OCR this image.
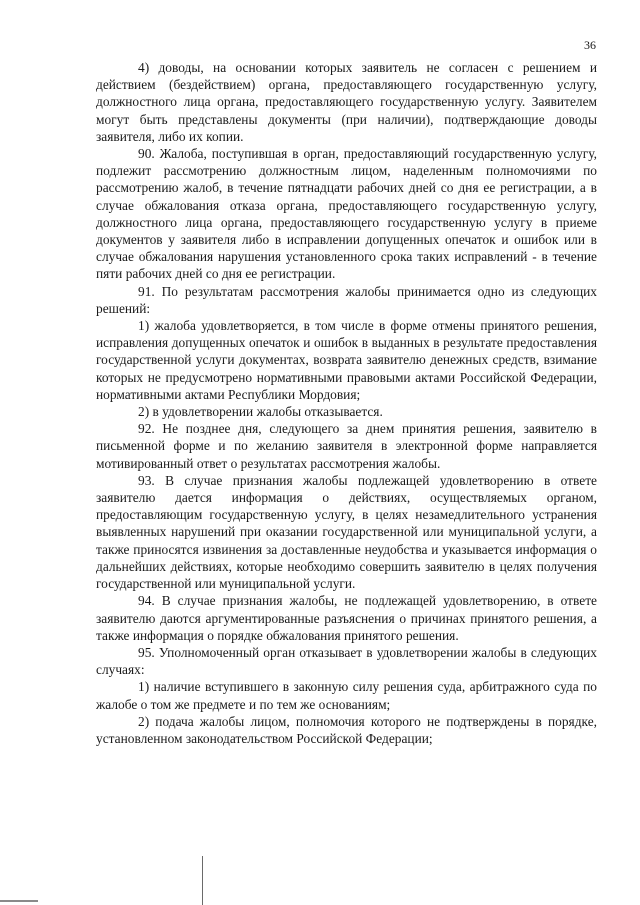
36

4) доводы, на основании которых заявитель не согласен с решением и действием (бездействием) органа, предоставляющего государственную услугу, должностного лица органа, предоставляющего государственную услугу. Заявителем могут быть представлены документы (при наличии), подтверждающие доводы заявителя, либо их копии.

90. Жалоба, поступившая в орган, предоставляющий государственную услугу, подлежит рассмотрению должностным лицом, наделенным полномочиями по рассмотрению жалоб, в течение пятнадцати рабочих дней со дня ее регистрации, а в случае обжалования отказа органа, предоставляющего государственную услугу, должностного лица органа, предоставляющего государственную услугу в приеме документов у заявителя либо в исправлении допущенных опечаток и ошибок или в случае обжалования нарушения установленного срока таких исправлений - в течение пяти рабочих дней со дня ее регистрации.

91. По результатам рассмотрения жалобы принимается одно из следующих решений:

1) жалоба удовлетворяется, в том числе в форме отмены принятого решения, исправления допущенных опечаток и ошибок в выданных в результате предоставления государственной услуги документах, возврата заявителю денежных средств, взимание которых не предусмотрено нормативными правовыми актами Российской Федерации, нормативными актами Республики Мордовия;

2) в удовлетворении жалобы отказывается.

92. Не позднее дня, следующего за днем принятия решения, заявителю в письменной форме и по желанию заявителя в электронной форме направляется мотивированный ответ о результатах рассмотрения жалобы.

93. В случае признания жалобы подлежащей удовлетворению в ответе заявителю дается информация о действиях, осуществляемых органом, предоставляющим государственную услугу, в целях незамедлительного устранения выявленных нарушений при оказании государственной или муниципальной услуги, а также приносятся извинения за доставленные неудобства и указывается информация о дальнейших действиях, которые необходимо совершить заявителю в целях получения государственной или муниципальной услуги.

94. В случае признания жалобы, не подлежащей удовлетворению, в ответе заявителю даются аргументированные разъяснения о причинах принятого решения, а также информация о порядке обжалования принятого решения.

95. Уполномоченный орган отказывает в удовлетворении жалобы в следующих случаях:

1) наличие вступившего в законную силу решения суда, арбитражного суда по жалобе о том же предмете и по тем же основаниям;

2) подача жалобы лицом, полномочия которого не подтверждены в порядке, установленном законодательством Российской Федерации;
